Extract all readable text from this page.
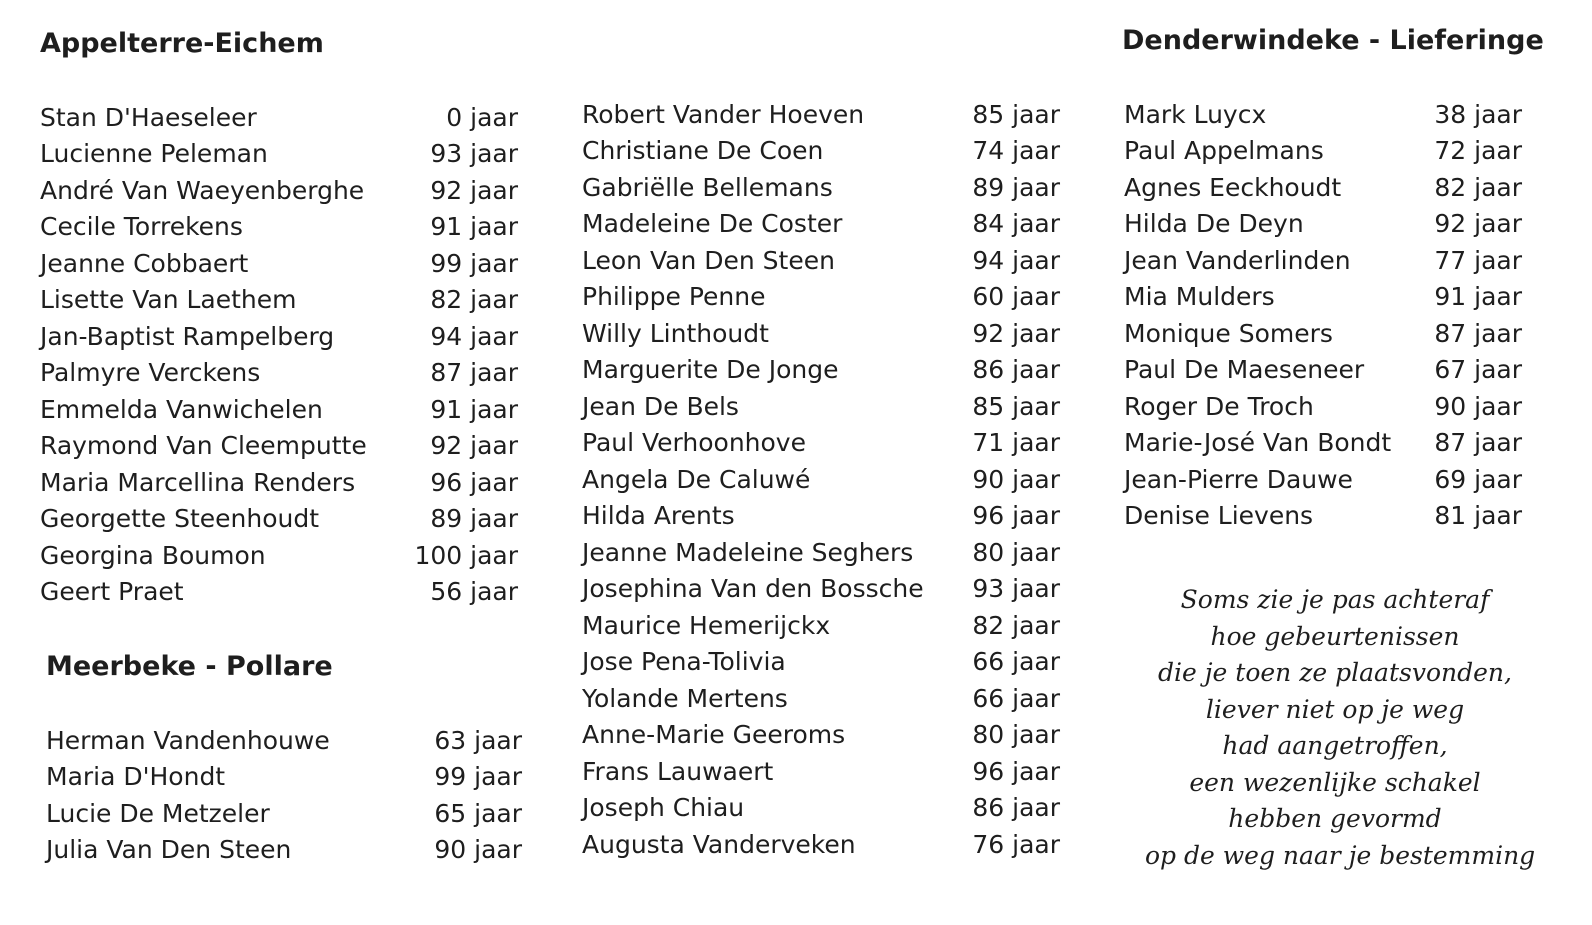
Appelterre-Eichem
Meerbeke - Pollare
Denderwindeke - Lieferinge
Stan D'Haeseleer	0 jaar
Lucienne Peleman	93 jaar
André Van Waeyenberghe	92 jaar
Cecile Torrekens	91 jaar
Jeanne Cobbaert	99 jaar
Lisette Van Laethem	82 jaar
Jan-Baptist Rampelberg	94 jaar
Palmyre Verckens	87 jaar
Emmelda Vanwichelen	91 jaar
Raymond Van Cleemputte	92 jaar
Maria Marcellina Renders	96 jaar
Georgette Steenhoudt	89 jaar
Georgina Boumon	100 jaar
Geert Praet	56 jaar
Herman Vandenhouwe	63 jaar
Maria D'Hondt	99 jaar
Lucie De Metzeler	65 jaar
Julia Van Den Steen	90 jaar
Robert Vander Hoeven	85 jaar
Christiane De Coen	74 jaar
Gabriëlle Bellemans	89 jaar
Madeleine De Coster	84 jaar
Leon Van Den Steen	94 jaar
Philippe Penne	60 jaar
Willy Linthoudt	92 jaar
Marguerite De Jonge	86 jaar
Jean De Bels	85 jaar
Paul Verhoonhove	71 jaar
Angela De Caluwé	90 jaar
Hilda Arents	96 jaar
Jeanne Madeleine Seghers 80 jaar
Josephina Van den Bossche 93 jaar
Maurice Hemerijckx	82 jaar
Jose Pena-Tolivia	66 jaar
Yolande Mertens	66 jaar
Anne-Marie Geeroms	80 jaar
Frans Lauwaert	96 jaar
Joseph Chiau	86 jaar
Augusta Vanderveken	76 jaar
Mark Luycx	38 jaar
Paul Appelmans	72 jaar
Agnes Eeckhoudt	82 jaar
Hilda De Deyn	92 jaar
Jean Vanderlinden	77 jaar
Mia Mulders	91 jaar
Monique Somers	87 jaar
Paul De Maeseneer	67 jaar
Roger De Troch	90 jaar
Marie-José Van Bondt 87 jaar
Jean-Pierre Dauwe	69 jaar
Denise Lievens	81 jaar
Soms zie je pas achteraf
hoe gebeurtenissen
die je toen ze plaatsvonden,
liever niet op je weg
had aangetroffen,
een wezenlijke schakel
hebben gevormd
op de weg naar je bestemming
